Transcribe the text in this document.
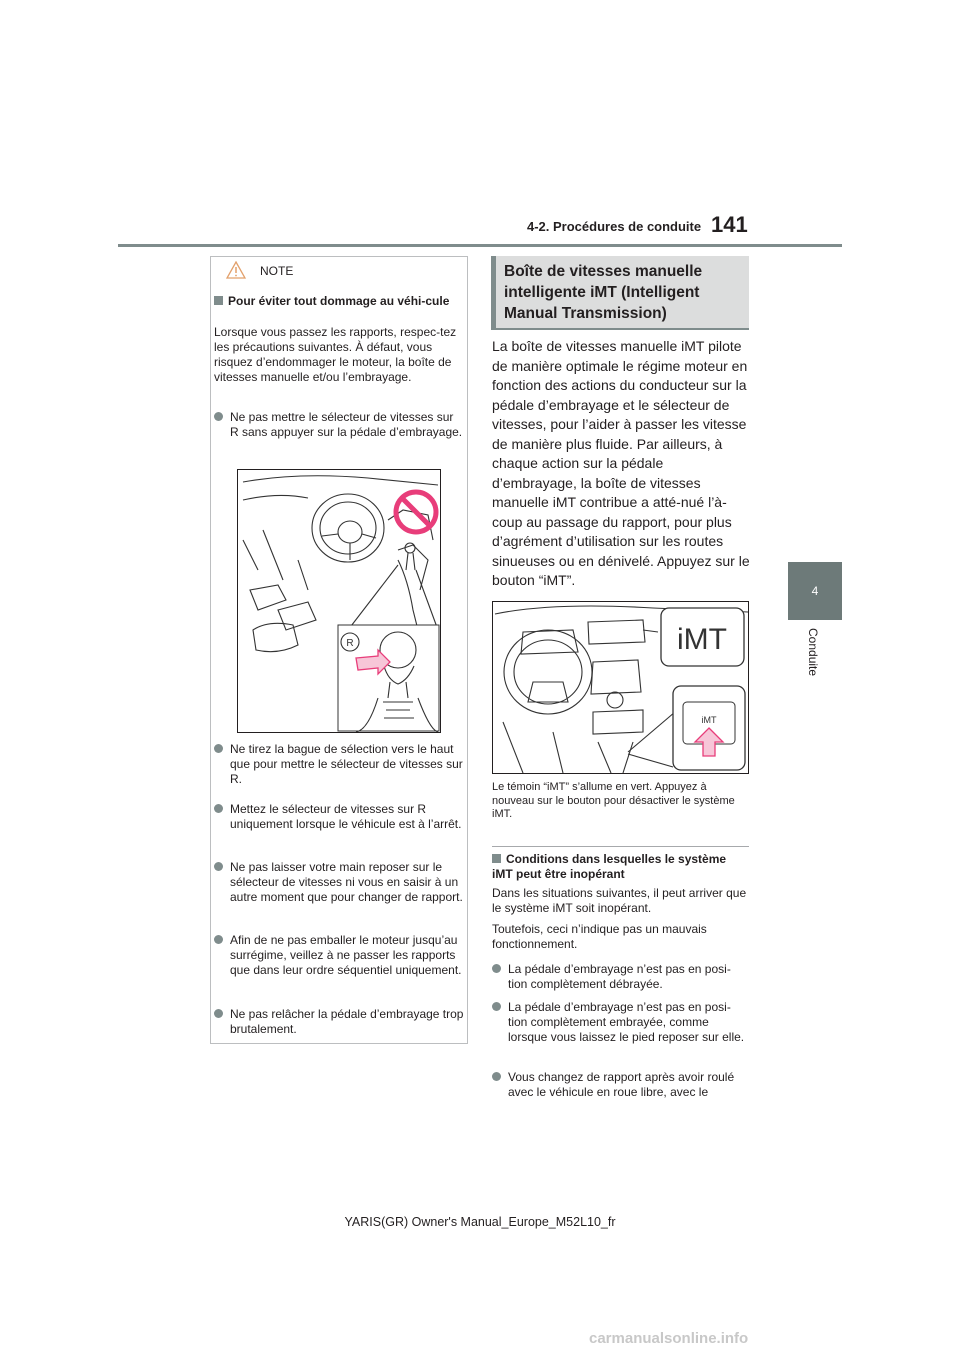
4-2. Procédures de conduite 141
4
Conduite
NOTE
Pour éviter tout dommage au véhi-cule
Lorsque vous passez les rapports, respec-tez les précautions suivantes. À défaut, vous risquez d’endommager le moteur, la boîte de vitesses manuelle et/ou l’embrayage.
Ne pas mettre le sélecteur de vitesses sur R sans appuyer sur la pédale d’embrayage.
R
Ne tirez la bague de sélection vers le haut que pour mettre le sélecteur de vitesses sur R.
Mettez le sélecteur de vitesses sur R uniquement lorsque le véhicule est à l’arrêt.
Ne pas laisser votre main reposer sur le sélecteur de vitesses ni vous en saisir à un autre moment que pour changer de rapport.
Afin de ne pas emballer le moteur jusqu’au surrégime, veillez à ne passer les rapports que dans leur ordre séquentiel uniquement.
Ne pas relâcher la pédale d’embrayage trop brutalement.
Boîte de vitesses manuelle intelligente iMT (Intelligent Manual Transmission)
La boîte de vitesses manuelle iMT pilote de manière optimale le régime moteur en fonction des actions du conducteur sur la pédale d’embrayage et le sélecteur de vitesses, pour l’aider à passer les vitesse de manière plus fluide. Par ailleurs, à chaque action sur la pédale d’embrayage, la boîte de vitesses manuelle iMT contribue a atté-nué l’à-coup au passage du rapport, pour plus d’agrément d’utilisation sur les routes sinueuses ou en dénivelé. Appuyez sur le bouton “iMT”.
iMT
iMT
Le témoin “iMT” s’allume en vert. Appuyez à nouveau sur le bouton pour désactiver le système iMT.
Conditions dans lesquelles le système iMT peut être inopérant
Dans les situations suivantes, il peut arriver que le système iMT soit inopérant.
Toutefois, ceci n’indique pas un mauvais fonctionnement.
La pédale d’embrayage n’est pas en posi-tion complètement débrayée.
La pédale d’embrayage n’est pas en posi-tion complètement embrayée, comme lorsque vous laissez le pied reposer sur elle.
Vous changez de rapport après avoir roulé avec le véhicule en roue libre, avec le
YARIS(GR) Owner's Manual_Europe_M52L10_fr
carmanualsonline.info
